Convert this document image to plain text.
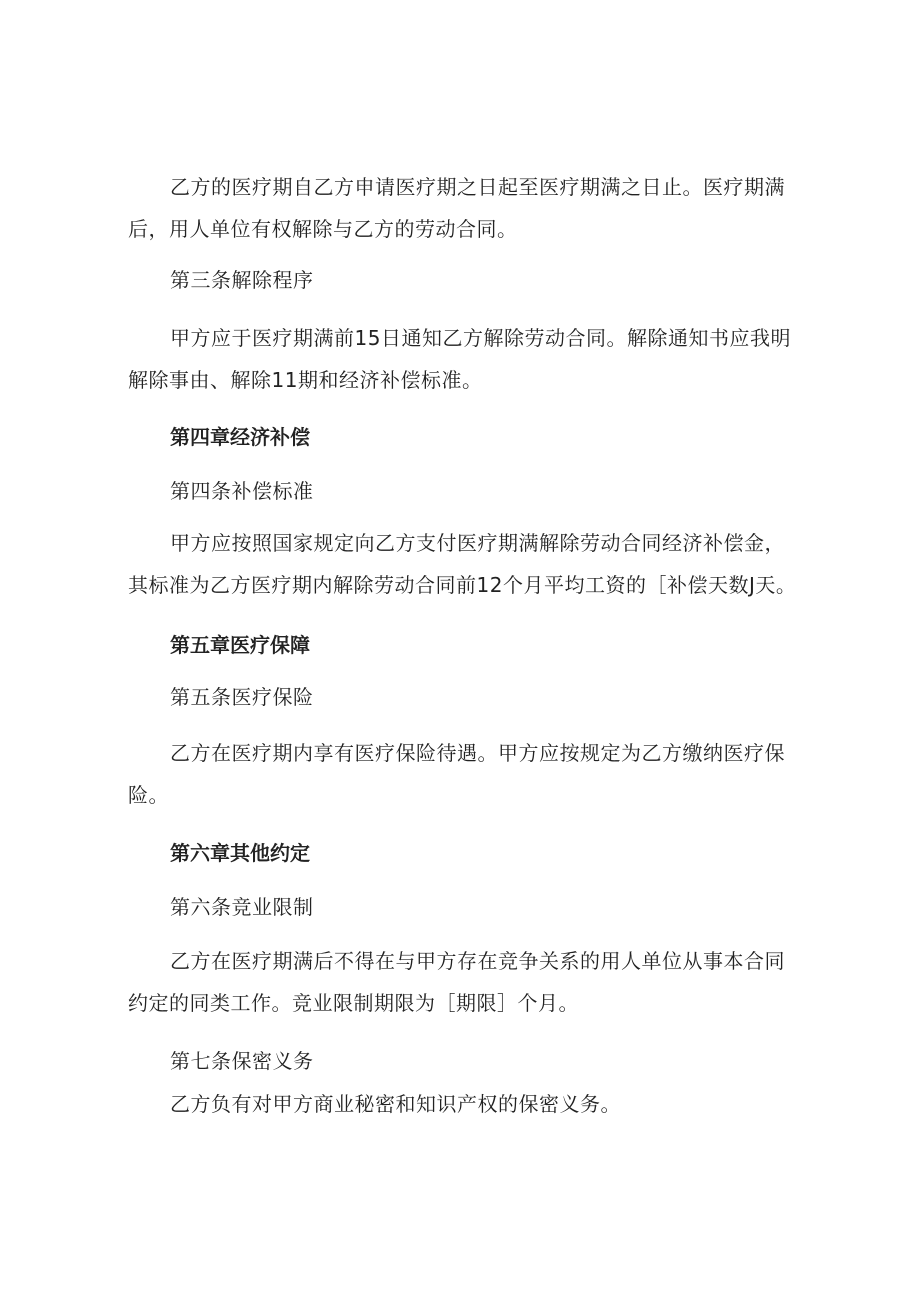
乙方的医疗期自乙方申请医疗期之日起至医疗期满之日止。医疗期满
后，用人单位有权解除与乙方的劳动合同。
第三条解除程序
甲方应于医疗期满前15日通知乙方解除劳动合同。解除通知书应我明
解除事由、解除11期和经济补偿标准。
第四章经济补偿
第四条补偿标准
甲方应按照国家规定向乙方支付医疗期满解除劳动合同经济补偿金，
其标准为乙方医疗期内解除劳动合同前12个月平均工资的［补偿天数J天。
第五章医疗保障
第五条医疗保险
乙方在医疗期内享有医疗保险待遇。甲方应按规定为乙方缴纳医疗保
险。
第六章其他约定
第六条竞业限制
乙方在医疗期满后不得在与甲方存在竞争关系的用人单位从事本合同
约定的同类工作。竞业限制期限为［期限］个月。
第七条保密义务
乙方负有对甲方商业秘密和知识产权的保密义务。
